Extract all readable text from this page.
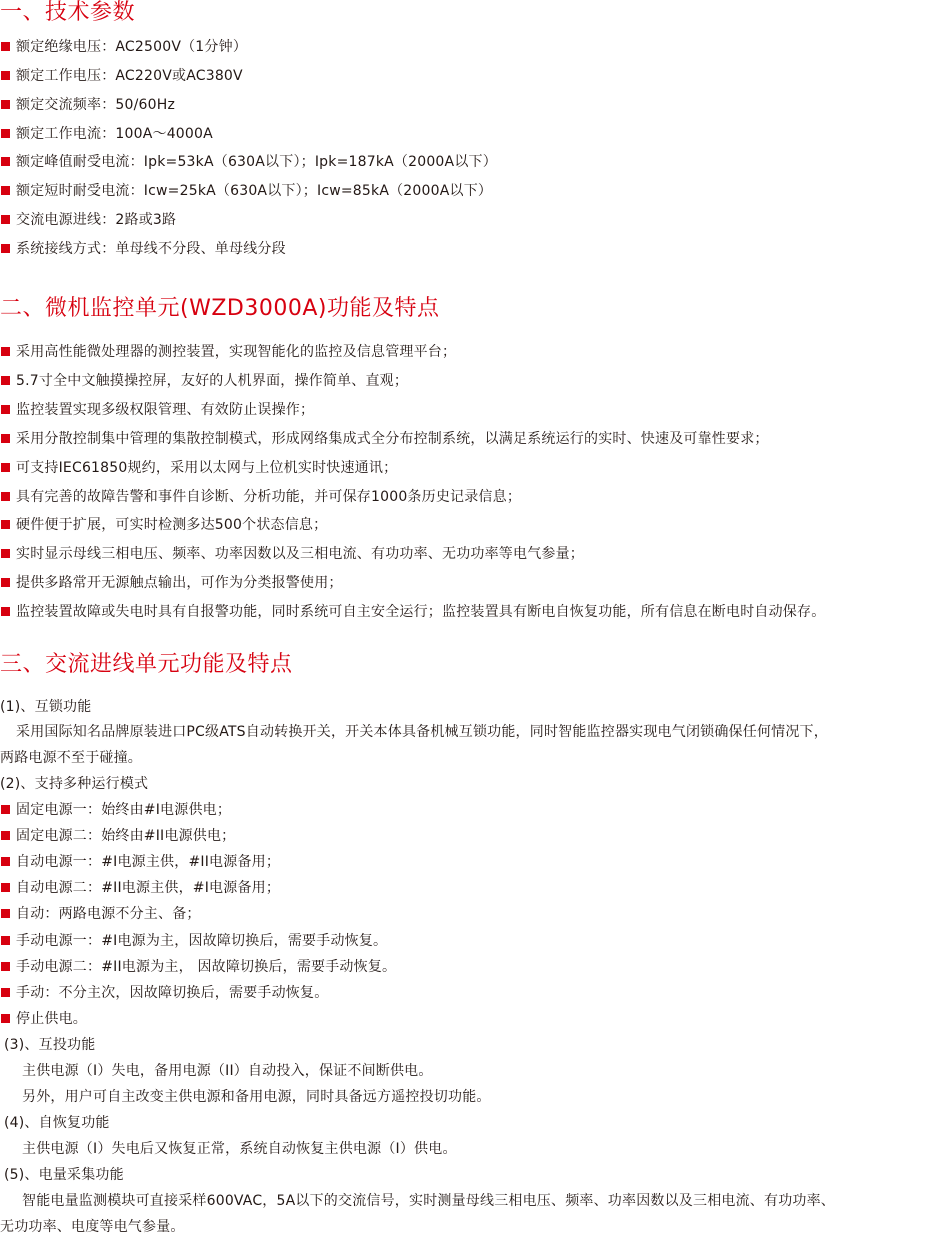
一、技术参数

额定绝缘电压：AC2500V（1分钟）

额定工作电压：AC220V或AC380V

额定交流频率：50/60Hz

额定工作电流：100A～4000A

额定峰值耐受电流：Ipk=53kA（630A以下）；Ipk=187kA（2000A以下）

额定短时耐受电流：Icw=25kA（630A以下）；Icw=85kA（2000A以下）

交流电源进线：2路或3路

系统接线方式：单母线不分段、单母线分段

二、微机监控单元(WZD3000A)功能及特点

采用高性能微处理器的测控装置，实现智能化的监控及信息管理平台；

5.7寸全中文触摸操控屏，友好的人机界面，操作简单、直观；

监控装置实现多级权限管理、有效防止误操作；

采用分散控制集中管理的集散控制模式，形成网络集成式全分布控制系统，以满足系统运行的实时、快速及可靠性要求；

可支持IEC61850规约，采用以太网与上位机实时快速通讯；

具有完善的故障告警和事件自诊断、分析功能，并可保存1000条历史记录信息；

硬件便于扩展，可实时检测多达500个状态信息；

实时显示母线三相电压、频率、功率因数以及三相电流、有功功率、无功功率等电气参量；

提供多路常开无源触点输出，可作为分类报警使用；

监控装置故障或失电时具有自报警功能，同时系统可自主安全运行；监控装置具有断电自恢复功能，所有信息在断电时自动保存。

三、交流进线单元功能及特点

(1)、互锁功能

采用国际知名品牌原装进口PC级ATS自动转换开关，开关本体具备机械互锁功能，同时智能监控器实现电气闭锁确保任何情况下，

两路电源不至于碰撞。

(2)、支持多种运行模式

固定电源一：始终由#I电源供电；

固定电源二：始终由#II电源供电；

自动电源一：#I电源主供，#II电源备用；

自动电源二：#II电源主供，#I电源备用；

自动：两路电源不分主、备；

手动电源一：#I电源为主，因故障切换后，需要手动恢复。

手动电源二：#II电源为主， 因故障切换后，需要手动恢复。

手动：不分主次，因故障切换后，需要手动恢复。

停止供电。

(3)、互投功能

主供电源（I）失电，备用电源（II）自动投入，保证不间断供电。

另外，用户可自主改变主供电源和备用电源，同时具备远方遥控投切功能。

(4)、自恢复功能

主供电源（I）失电后又恢复正常，系统自动恢复主供电源（I）供电。

(5)、电量采集功能

智能电量监测模块可直接采样600VAC，5A以下的交流信号，实时测量母线三相电压、频率、功率因数以及三相电流、有功功率、

无功功率、电度等电气参量。
